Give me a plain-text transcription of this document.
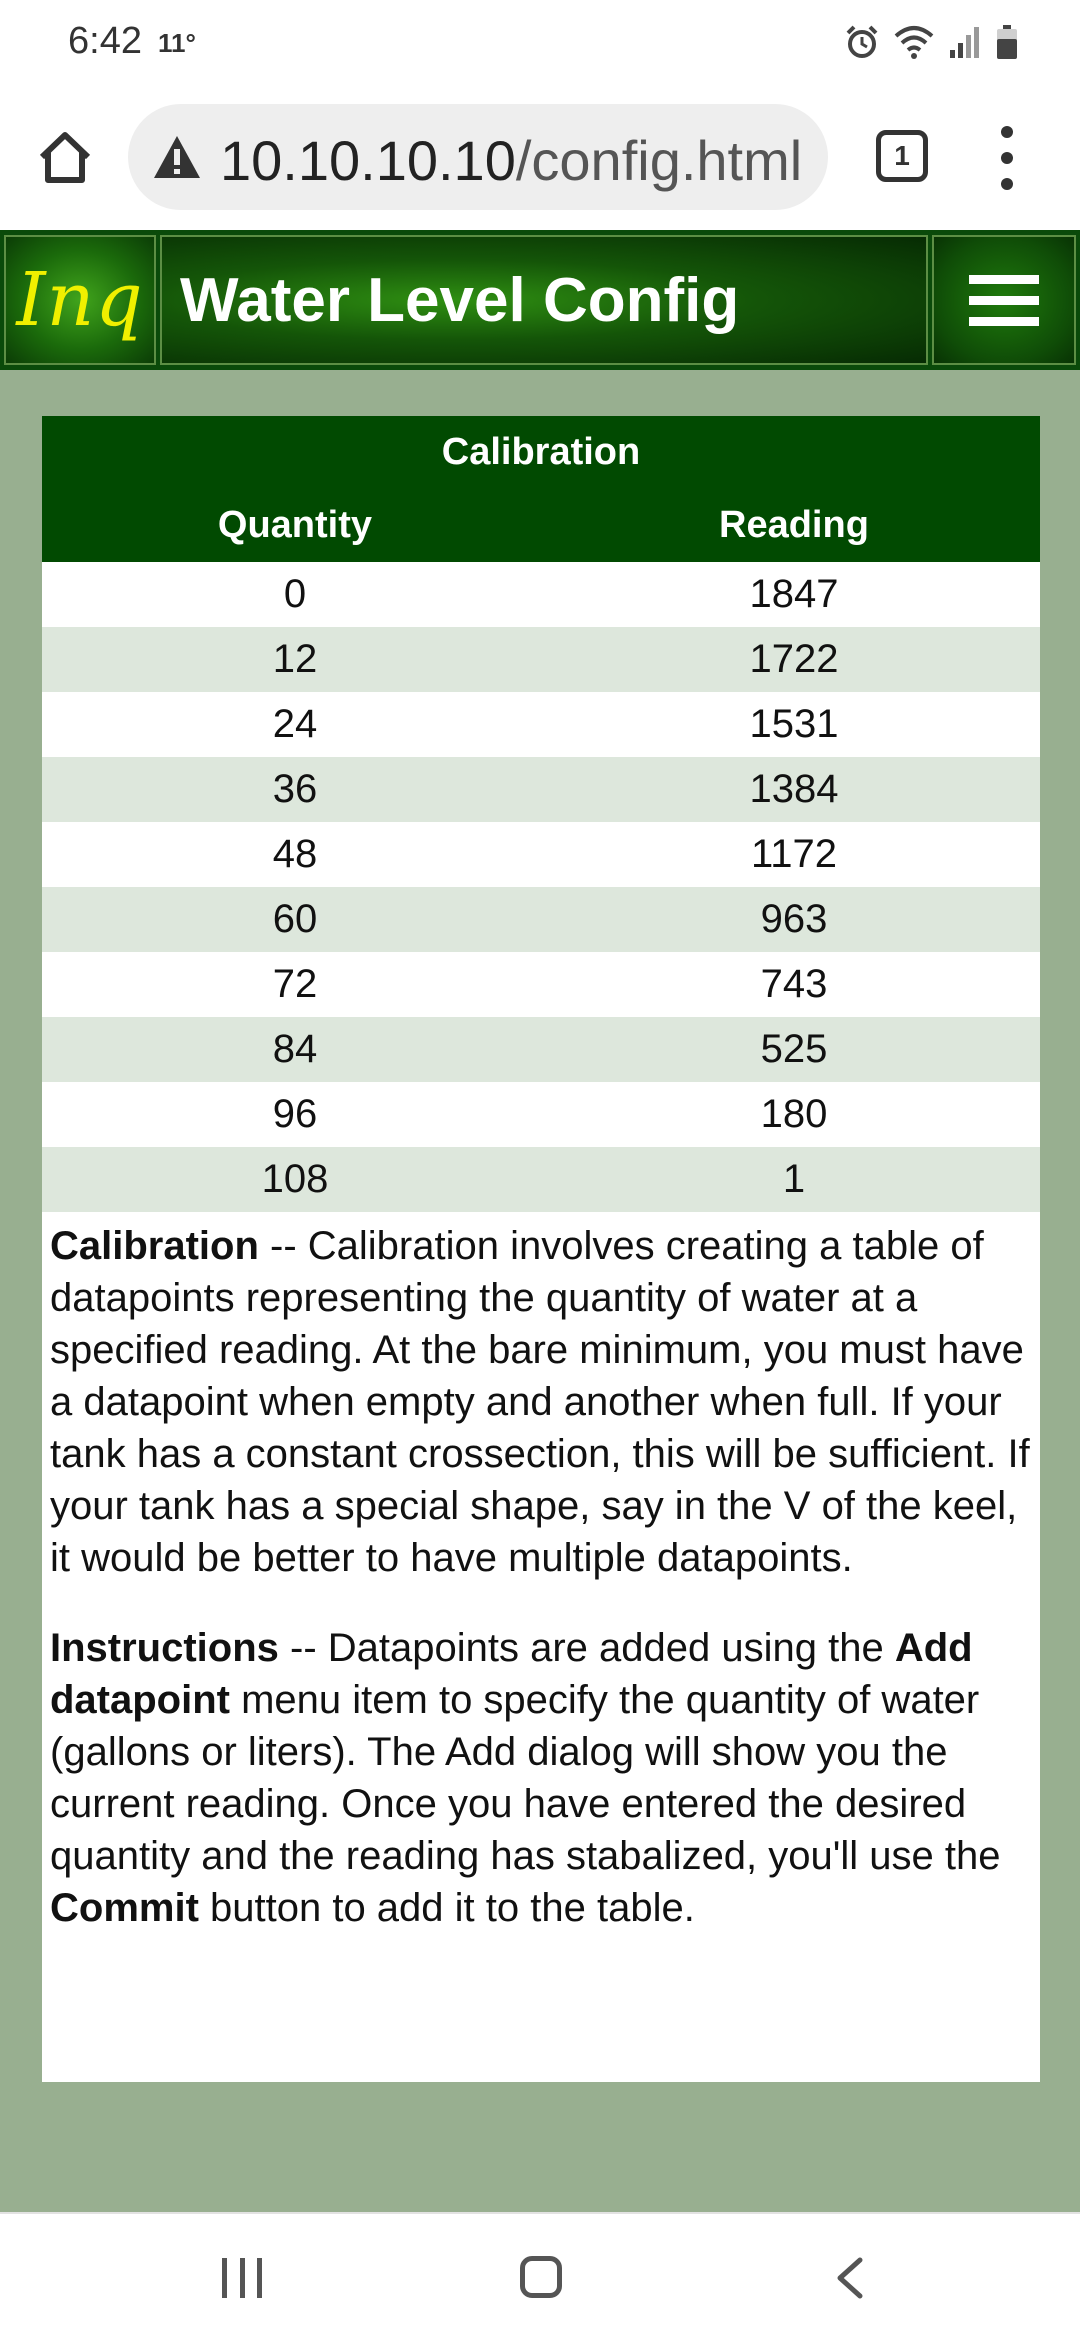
6:42 11°
10.10.10.10/config.html	1
Inq Water Level Config
Calibration	
Quantity	Reading
0	1847
12	1722
24	1531
36	1384
48	1172
60	963
72	743
84	525
96	180
108	1

Calibration -- Calibration involves creating a table of datapoints representing the quantity of water at a specified reading. At the bare minimum, you must have a datapoint when empty and another when full. If your tank has a constant crossection, this will be sufficient. If your tank has a special shape, say in the V of the keel, it would be better to have multiple datapoints.

Instructions -- Datapoints are added using the Add datapoint menu item to specify the quantity of water (gallons or liters). The Add dialog will show you the current reading. Once you have entered the desired quantity and the reading has stabalized, you'll use the Commit button to add it to the table.
